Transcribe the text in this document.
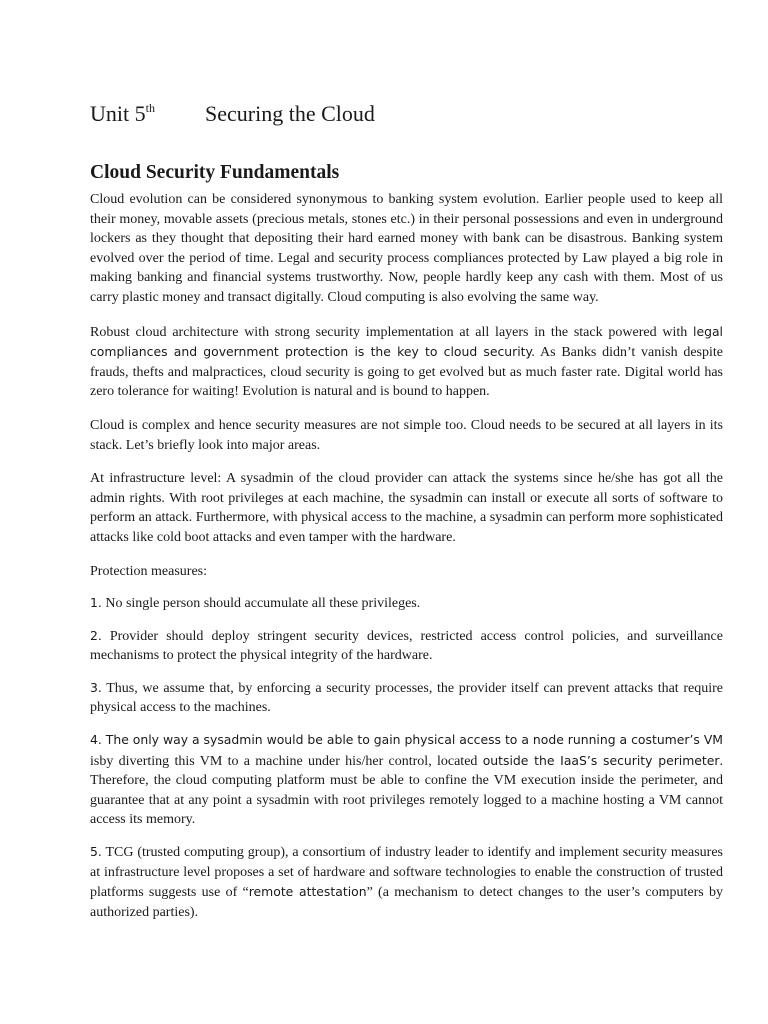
Unit 5th Securing the Cloud
Cloud Security Fundamentals

Cloud evolution can be considered synonymous to banking system evolution. Earlier people used to keep all their money, movable assets (precious metals, stones etc.) in their personal possessions and even in underground lockers as they thought that depositing their hard earned money with bank can be disastrous. Banking system evolved over the period of time. Legal and security process compliances protected by Law played a big role in making banking and financial systems trustworthy. Now, people hardly keep any cash with them. Most of us carry plastic money and transact digitally. Cloud computing is also evolving the same way.

Robust cloud architecture with strong security implementation at all layers in the stack powered with legal compliances and government protection is the key to cloud security. As Banks didn’t vanish despite frauds, thefts and malpractices, cloud security is going to get evolved but as much faster rate. Digital world has zero tolerance for waiting! Evolution is natural and is bound to happen.

Cloud is complex and hence security measures are not simple too. Cloud needs to be secured at all layers in its stack. Let’s briefly look into major areas.

At infrastructure level: A sysadmin of the cloud provider can attack the systems since he/she has got all the admin rights. With root privileges at each machine, the sysadmin can install or execute all sorts of software to perform an attack. Furthermore, with physical access to the machine, a sysadmin can perform more sophisticated attacks like cold boot attacks and even tamper with the hardware.

Protection measures:

1. No single person should accumulate all these privileges.

2. Provider should deploy stringent security devices, restricted access control policies, and surveillance mechanisms to protect the physical integrity of the hardware.

3. Thus, we assume that, by enforcing a security processes, the provider itself can prevent attacks that require physical access to the machines.

4. The only way a sysadmin would be able to gain physical access to a node running a costumer’s VM isby diverting this VM to a machine under his/her control, located outside the IaaS’s security perimeter. Therefore, the cloud computing platform must be able to confine the VM execution inside the perimeter, and guarantee that at any point a sysadmin with root privileges remotely logged to a machine hosting a VM cannot access its memory.

5. TCG (trusted computing group), a consortium of industry leader to identify and implement security measures at infrastructure level proposes a set of hardware and software technologies to enable the construction of trusted platforms suggests use of “remote attestation” (a mechanism to detect changes to the user’s computers by authorized parties).
